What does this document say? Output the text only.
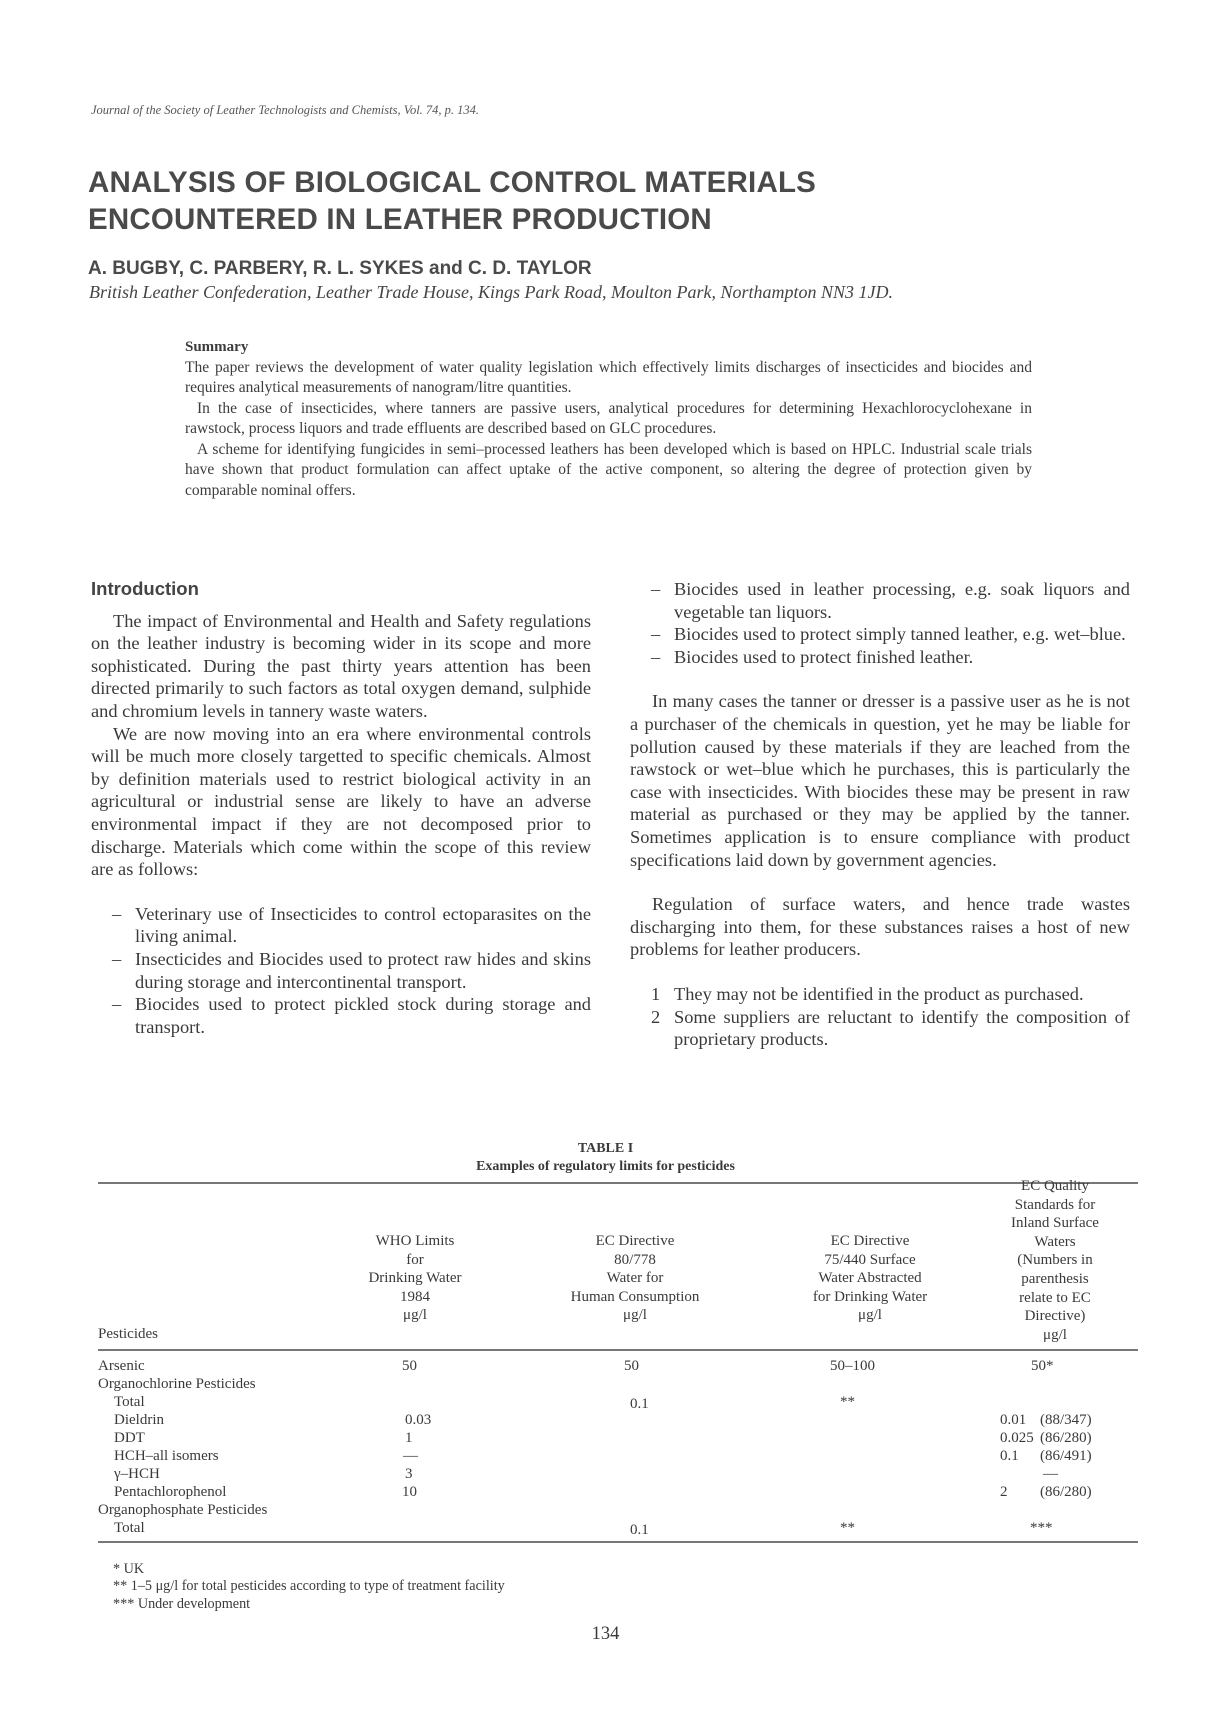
Journal of the Society of Leather Technologists and Chemists, Vol. 74, p. 134.
ANALYSIS OF BIOLOGICAL CONTROL MATERIALS
ENCOUNTERED IN LEATHER PRODUCTION
A. BUGBY, C. PARBERY, R. L. SYKES and C. D. TAYLOR
British Leather Confederation, Leather Trade House, Kings Park Road, Moulton Park, Northampton NN3 1JD.
Summary

The paper reviews the development of water quality legislation which effectively limits discharges of insecticides and biocides and requires analytical measurements of nanogram/litre quantities.

In the case of insecticides, where tanners are passive users, analytical procedures for determining Hexachlorocyclohexane in rawstock, process liquors and trade effluents are described based on GLC procedures.

A scheme for identifying fungicides in semi–processed leathers has been developed which is based on HPLC. Industrial scale trials have shown that product formulation can affect uptake of the active component, so altering the degree of protection given by comparable nominal offers.

Introduction

The impact of Environmental and Health and Safety regulations on the leather industry is becoming wider in its scope and more sophisticated. During the past thirty years attention has been directed primarily to such factors as total oxygen demand, sulphide and chromium levels in tannery waste waters.

We are now moving into an era where environmental controls will be much more closely targetted to specific chemicals. Almost by definition materials used to restrict biological activity in an agricultural or industrial sense are likely to have an adverse environmental impact if they are not decomposed prior to discharge. Materials which come within the scope of this review are as follows:

– Veterinary use of Insecticides to control ectoparasites on the living animal.
– Insecticides and Biocides used to protect raw hides and skins during storage and intercontinental transport.
– Biocides used to protect pickled stock during storage and transport.
– Biocides used in leather processing, e.g. soak liquors and vegetable tan liquors.
– Biocides used to protect simply tanned leather, e.g. wet–blue.
– Biocides used to protect finished leather.

In many cases the tanner or dresser is a passive user as he is not a purchaser of the chemicals in question, yet he may be liable for pollution caused by these materials if they are leached from the rawstock or wet–blue which he purchases, this is particularly the case with insecticides. With biocides these may be present in raw material as purchased or they may be applied by the tanner. Sometimes application is to ensure compliance with product specifications laid down by government agencies.

Regulation of surface waters, and hence trade wastes discharging into them, for these substances raises a host of new problems for leather producers.

1 They may not be identified in the product as purchased.
2 Some suppliers are reluctant to identify the composition of proprietary products.
TABLE I
Examples of regulatory limits for pesticides
Pesticides
WHO Limits
for
Drinking Water
1984
μg/l
EC Directive
80/778
Water for
Human Consumption
μg/l
EC Directive
75/440 Surface
Water Abstracted
for Drinking Water
μg/l
EC Quality
Standards for
Inland Surface
Waters
(Numbers in
parenthesis
relate to EC
Directive)
μg/l
Arsenic
Organochlorine Pesticides
Total
Dieldrin
DDT
HCH–all isomers
γ–HCH
Pentachlorophenol
Organophosphate Pesticides
Total
50
0.03
1
—
3
10
50
0.1
0.1
50–100
**
**
50*
0.01 (88/347)
0.025 (86/280)
0.1 (86/491)
—
2 (86/280)
***
* UK
** 1–5 μg/l for total pesticides according to type of treatment facility
*** Under development
134
